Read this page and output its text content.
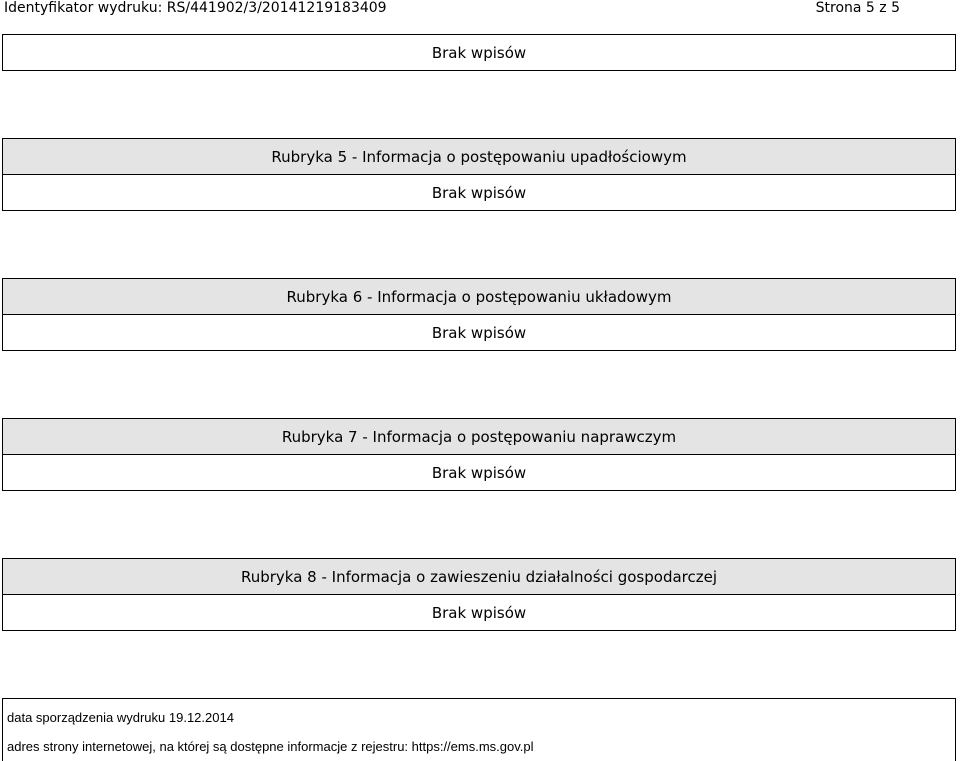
Identyfikator wydruku: RS/441902/3/20141219183409	Strona 5 z 5
Brak wpisów
Rubryka 5 - Informacja o postępowaniu upadłościowym
Brak wpisów
Rubryka 6 - Informacja o postępowaniu układowym
Brak wpisów
Rubryka 7 - Informacja o postępowaniu naprawczym
Brak wpisów
Rubryka 8 - Informacja o zawieszeniu działalności gospodarczej
Brak wpisów
data sporządzenia wydruku 19.12.2014
adres strony internetowej, na której są dostępne informacje z rejestru: https://ems.ms.gov.pl
